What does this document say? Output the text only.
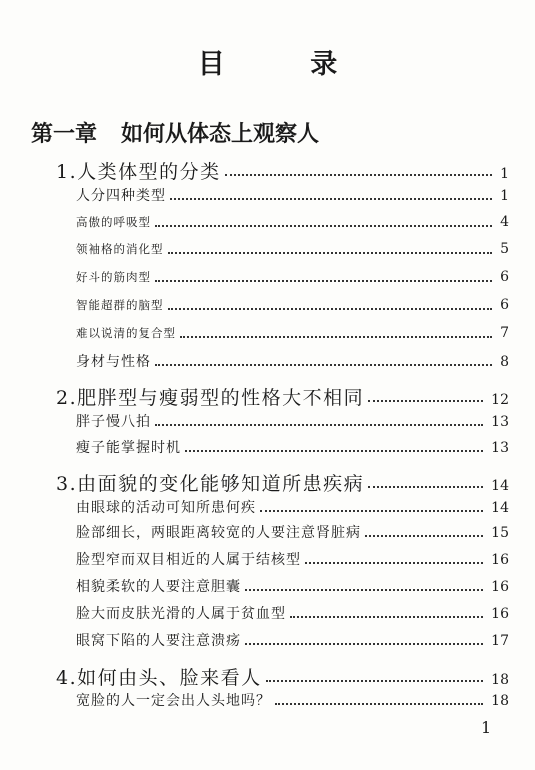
目 录
第一章 如何从体态上观察人
1.人类体型的分类	1
人分四种类型	1
高傲的呼吸型	4
领袖格的消化型	5
好斗的筋肉型	6
智能超群的脑型	6
难以说清的复合型	7
身材与性格	8
2.肥胖型与瘦弱型的性格大不相同	12
胖子慢八拍	13
瘦子能掌握时机	13
3.由面貌的变化能够知道所患疾病	14
由眼球的活动可知所患何疾	14
脸部细长，两眼距离较宽的人要注意肾脏病	15
脸型窄而双目相近的人属于结核型	16
相貌柔软的人要注意胆囊	16
脸大而皮肤光滑的人属于贫血型	16
眼窝下陷的人要注意溃疡	17
4.如何由头、脸来看人	18
宽脸的人一定会出人头地吗？	18
1
